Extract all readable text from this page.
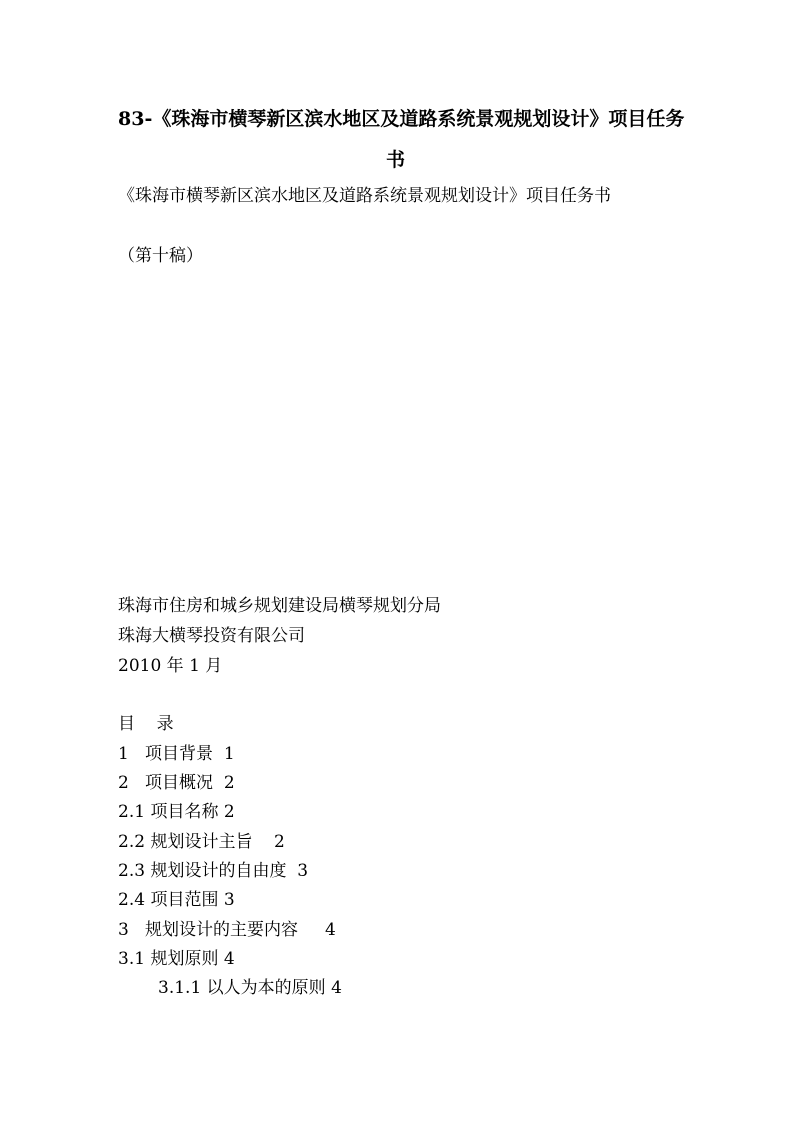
83-《珠海市横琴新区滨水地区及道路系统景观规划设计》项目任务
书
《珠海市横琴新区滨水地区及道路系统景观规划设计》项目任务书
（第十稿）
珠海市住房和城乡规划建设局横琴规划分局
珠海大横琴投资有限公司
2010 年 1 月
目    录
1   项目背景  1
2   项目概况  2
2.1 项目名称 2
2.2 规划设计主旨    2
2.3 规划设计的自由度  3
2.4 项目范围 3
3   规划设计的主要内容     4
3.1 规划原则 4
3.1.1 以人为本的原则 4
